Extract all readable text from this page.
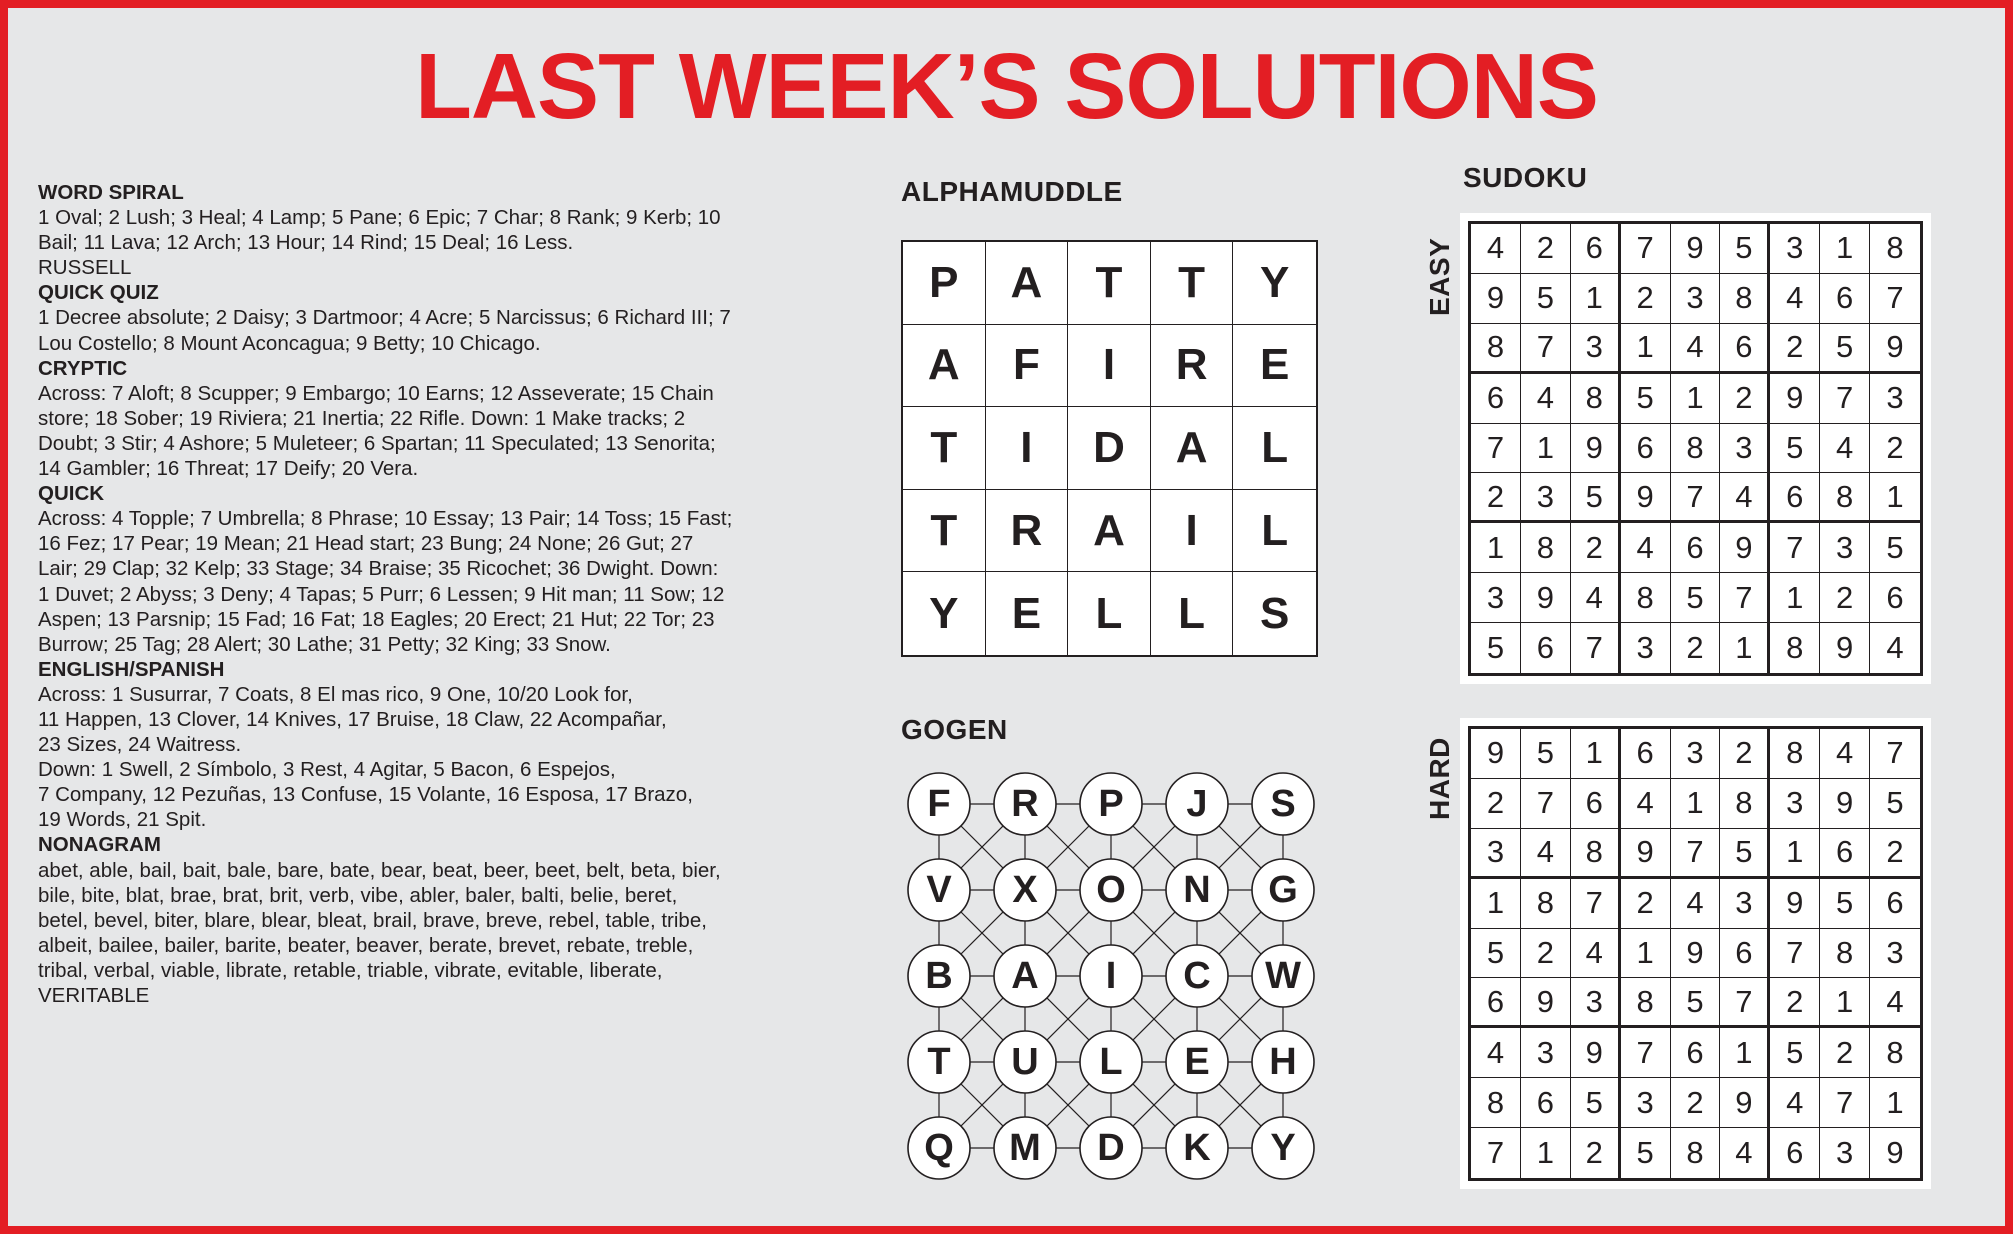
LAST WEEK’S SOLUTIONS
WORD SPIRAL
1 Oval; 2 Lush; 3 Heal; 4 Lamp; 5 Pane; 6 Epic; 7 Char; 8 Rank; 9 Kerb; 10
Bail; 11 Lava; 12 Arch; 13 Hour; 14 Rind; 15 Deal; 16 Less.
RUSSELL
QUICK QUIZ
1 Decree absolute; 2 Daisy; 3 Dartmoor; 4 Acre; 5 Narcissus; 6 Richard III; 7
Lou Costello; 8 Mount Aconcagua; 9 Betty; 10 Chicago.
CRYPTIC
Across: 7 Aloft; 8 Scupper; 9 Embargo; 10 Earns; 12 Asseverate; 15 Chain
store; 18 Sober; 19 Riviera; 21 Inertia; 22 Rifle. Down: 1 Make tracks; 2
Doubt; 3 Stir; 4 Ashore; 5 Muleteer; 6 Spartan; 11 Speculated; 13 Senorita;
14 Gambler; 16 Threat; 17 Deify; 20 Vera.
QUICK
Across: 4 Topple; 7 Umbrella; 8 Phrase; 10 Essay; 13 Pair; 14 Toss; 15 Fast;
16 Fez; 17 Pear; 19 Mean; 21 Head start; 23 Bung; 24 None; 26 Gut; 27
Lair; 29 Clap; 32 Kelp; 33 Stage; 34 Braise; 35 Ricochet; 36 Dwight. Down:
1 Duvet; 2 Abyss; 3 Deny; 4 Tapas; 5 Purr; 6 Lessen; 9 Hit man; 11 Sow; 12
Aspen; 13 Parsnip; 15 Fad; 16 Fat; 18 Eagles; 20 Erect; 21 Hut; 22 Tor; 23
Burrow; 25 Tag; 28 Alert; 30 Lathe; 31 Petty; 32 King; 33 Snow.
ENGLISH/SPANISH
Across: 1 Susurrar, 7 Coats, 8 El mas rico, 9 One, 10/20 Look for,
11 Happen, 13 Clover, 14 Knives, 17 Bruise, 18 Claw, 22 Acompañar,
23 Sizes, 24 Waitress.
Down: 1 Swell, 2 Símbolo, 3 Rest, 4 Agitar, 5 Bacon, 6 Espejos,
7 Company, 12 Pezuñas, 13 Confuse, 15 Volante, 16 Esposa, 17 Brazo,
19 Words, 21 Spit.
NONAGRAM
abet, able, bail, bait, bale, bare, bate, bear, beat, beer, beet, belt, beta, bier,
bile, bite, blat, brae, brat, brit, verb, vibe, abler, baler, balti, belie, beret,
betel, bevel, biter, blare, blear, bleat, brail, brave, breve, rebel, table, tribe,
albeit, bailee, bailer, barite, beater, beaver, berate, brevet, rebate, treble,
tribal, verbal, viable, librate, retable, triable, vibrate, evitable, liberate,
VERITABLE
ALPHAMUDDLE
P	A	T	T	Y
A	F	I	R	E
T	I	D	A	L
T	R	A	I	L
Y	E	L	L	S
GOGEN
F	R	P	J	S
V	X	O	N	G
B	A	I	C	W
T	U	L	E	H
Q	M	D	K	Y
SUDOKU
EASY	4	2	6	7	9	5	3	1	8
9	5	1	2	3	8	4	6	7
8	7	3	1	4	6	2	5	9
6	4	8	5	1	2	9	7	3
7	1	9	6	8	3	5	4	2
2	3	5	9	7	4	6	8	1
1	8	2	4	6	9	7	3	5
3	9	4	8	5	7	1	2	6
5	6	7	3	2	1	8	9	4
HARD	9	5	1	6	3	2	8	4	7
2	7	6	4	1	8	3	9	5
3	4	8	9	7	5	1	6	2
1	8	7	2	4	3	9	5	6
5	2	4	1	9	6	7	8	3
6	9	3	8	5	7	2	1	4
4	3	9	7	6	1	5	2	8
8	6	5	3	2	9	4	7	1
7	1	2	5	8	4	6	3	9
